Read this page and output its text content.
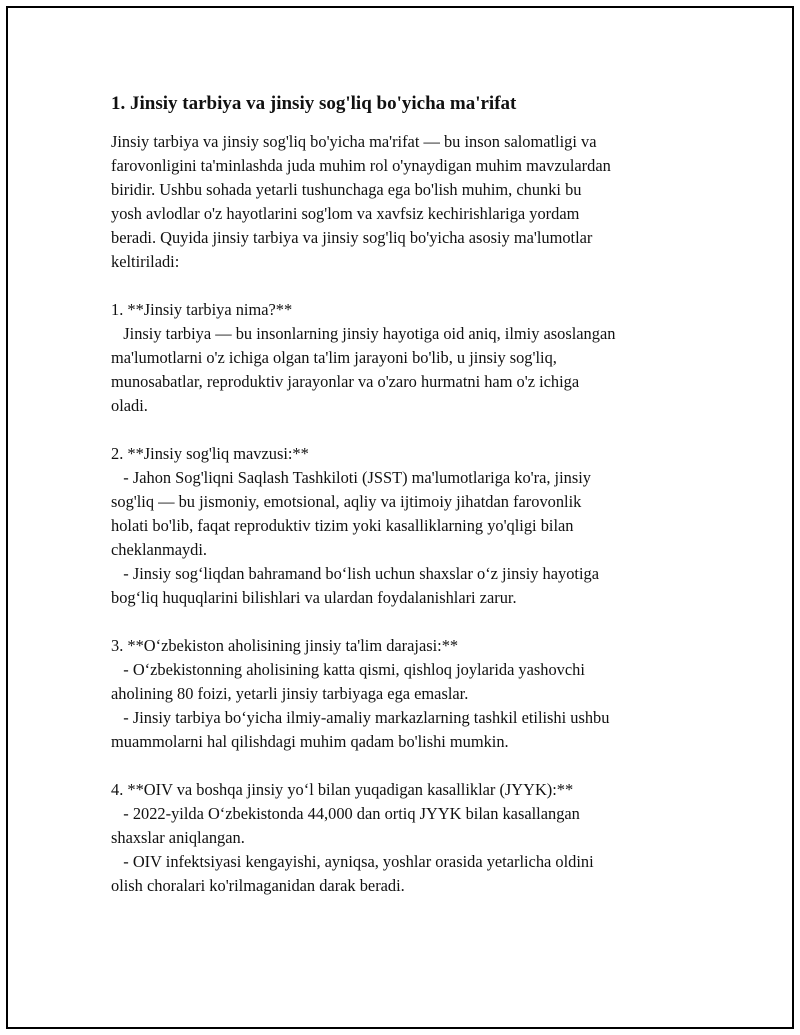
1. Jinsiy tarbiya va jinsiy sog'liq bo'yicha ma'rifat
Jinsiy tarbiya va jinsiy sog'liq bo'yicha ma'rifat — bu inson salomatligi va
farovonligini ta'minlashda juda muhim rol o'ynaydigan muhim mavzulardan
biridir. Ushbu sohada yetarli tushunchaga ega bo'lish muhim, chunki bu
yosh avlodlar o'z hayotlarini sog'lom va xavfsiz kechirishlariga yordam
beradi. Quyida jinsiy tarbiya va jinsiy sog'liq bo'yicha asosiy ma'lumotlar
keltiriladi:
1. **Jinsiy tarbiya nima?**
Jinsiy tarbiya — bu insonlarning jinsiy hayotiga oid aniq, ilmiy asoslangan
ma'lumotlarni o'z ichiga olgan ta'lim jarayoni bo'lib, u jinsiy sog'liq,
munosabatlar, reproduktiv jarayonlar va o'zaro hurmatni ham o'z ichiga
oladi.
2. **Jinsiy sog'liq mavzusi:**
- Jahon Sog'liqni Saqlash Tashkiloti (JSST) ma'lumotlariga ko'ra, jinsiy
sog'liq — bu jismoniy, emotsional, aqliy va ijtimoiy jihatdan farovonlik
holati bo'lib, faqat reproduktiv tizim yoki kasalliklarning yo'qligi bilan
cheklanmaydi.
- Jinsiy sog‘liqdan bahramand bo‘lish uchun shaxslar o‘z jinsiy hayotiga
bog‘liq huquqlarini bilishlari va ulardan foydalanishlari zarur.
3. **O‘zbekiston aholisining jinsiy ta'lim darajasi:**
- O‘zbekistonning aholisining katta qismi, qishloq joylarida yashovchi
aholining 80 foizi, yetarli jinsiy tarbiyaga ega emaslar.
- Jinsiy tarbiya bo‘yicha ilmiy-amaliy markazlarning tashkil etilishi ushbu
muammolarni hal qilishdagi muhim qadam bo'lishi mumkin.
4. **OIV va boshqa jinsiy yo‘l bilan yuqadigan kasalliklar (JYYK):**
- 2022-yilda O‘zbekistonda 44,000 dan ortiq JYYK bilan kasallangan
shaxslar aniqlangan.
- OIV infektsiyasi kengayishi, ayniqsa, yoshlar orasida yetarlicha oldini
olish choralari ko'rilmaganidan darak beradi.
